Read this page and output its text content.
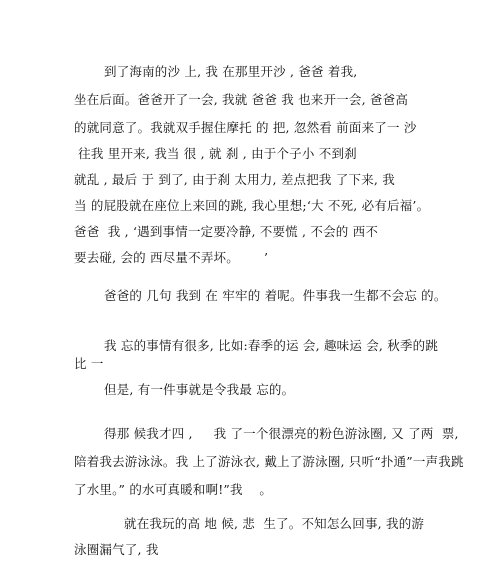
到了海南的沙 上, 我 在那里开沙 , 爸爸 着我,
坐在后面。爸爸开了一会, 我就 爸爸 我 也来开一会, 爸爸高
的就同意了。我就双手握住摩托 的 把, 忽然看 前面来了一 沙
往我 里开来, 我当 很 , 就 刹 , 由于个子小 不到刹
就乱 , 最后 于 到了, 由于刹 太用力, 差点把我 了下来, 我
当 的屁股就在座位上来回的跳, 我心里想;‘大 不死, 必有后福’。
爸爸  我 , ‘遇到事情一定要冷静, 不要慌 , 不会的 西不
要去碰, 会的 西尽量不弄坏。      ’
爸爸的 几句 我到 在 牢牢的 着呢。件事我一生都不会忘 的。
我 忘的事情有很多, 比如:春季的运 会, 趣味运 会, 秋季的跳
比 一
但是, 有一件事就是令我最 忘的。
得那 候我才四 ,     我 了一个很漂亮的粉色游泳圈, 又 了两  票,
陪着我去游泳泳。我 上了游泳衣, 戴上了游泳圈, 只听“扑通”一声我跳
了水里。” 的水可真暖和啊!”我    。
就在我玩的高 地 候, 悲  生了。不知怎么回事, 我的游
泳圈漏气了, 我
